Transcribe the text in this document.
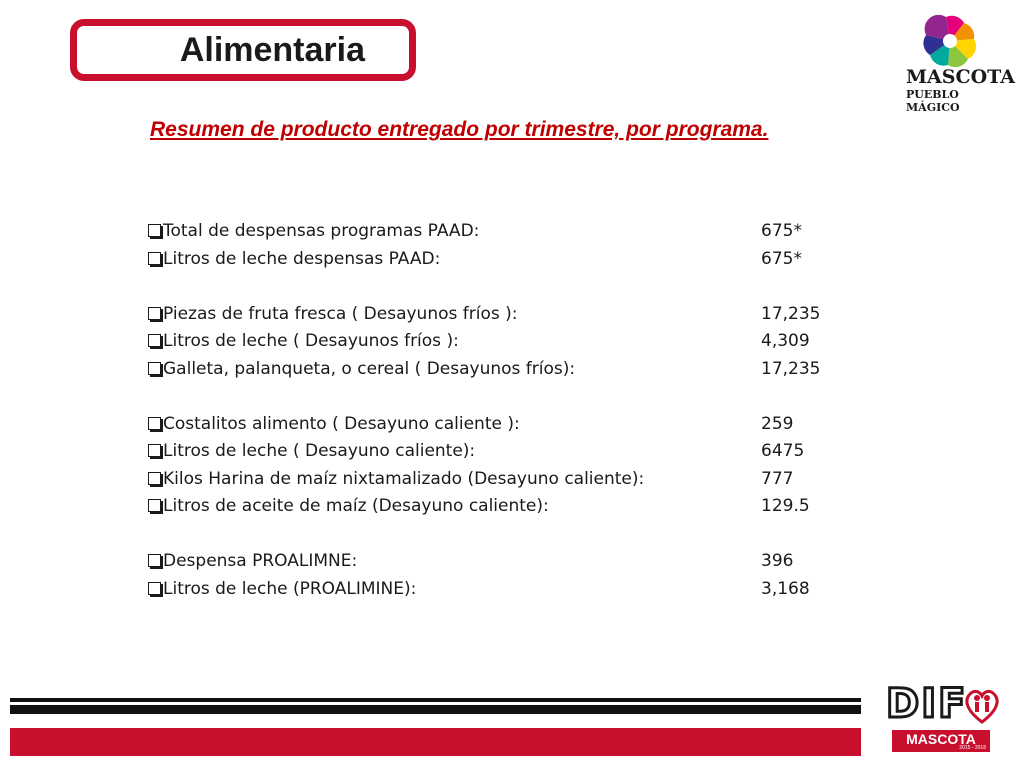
Alimentaria
MASCOTA
PUEBLO MÁGICO
Resumen de producto entregado por trimestre, por programa.
Total de despensas programas PAAD:	675*
Litros de leche despensas PAAD:	675*
Piezas de fruta fresca ( Desayunos fríos ):	17,235
Litros de leche ( Desayunos fríos ):	4,309
Galleta, palanqueta, o cereal ( Desayunos fríos):	17,235
Costalitos alimento ( Desayuno caliente ):	259
Litros de leche ( Desayuno caliente):	6475
Kilos Harina de maíz nixtamalizado (Desayuno caliente):	777
Litros de aceite de maíz (Desayuno caliente):	129.5
Despensa PROALIMNE:	396
Litros de leche (PROALIMINE):	3,168
DIF
MASCOTA
2015 - 2018
